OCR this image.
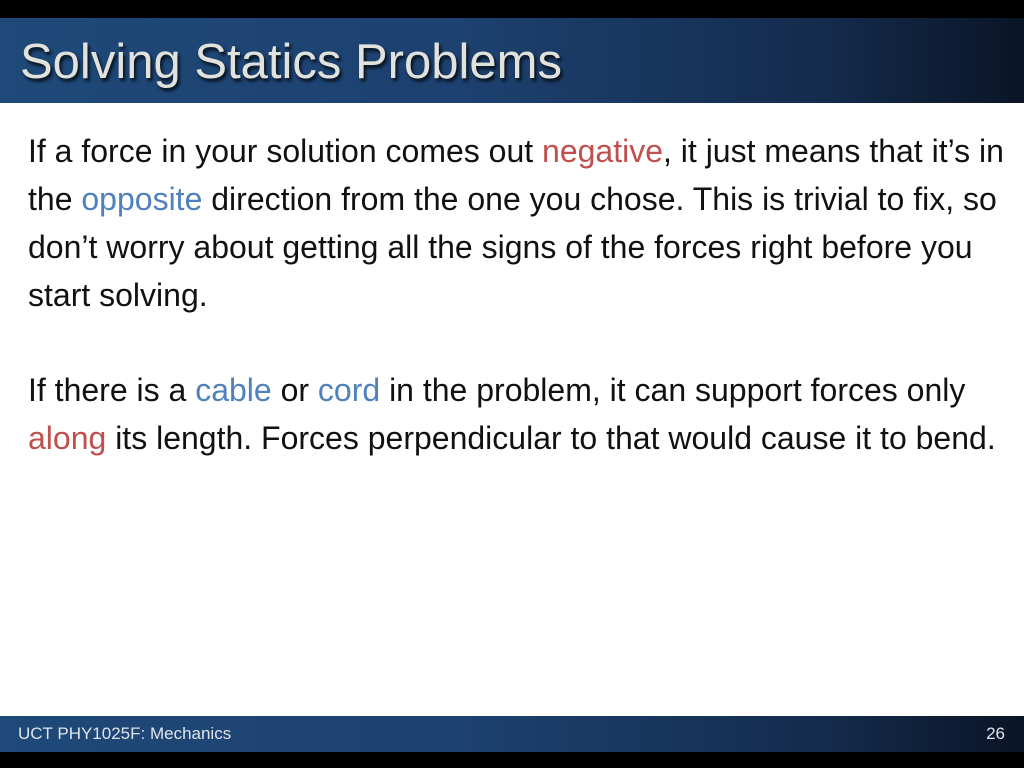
Solving Statics Problems

If a force in your solution comes out negative, it just means that it’s in the opposite direction from the one you chose. This is trivial to fix, so don’t worry about getting all the signs of the forces right before you start solving.

If there is a cable or cord in the problem, it can support forces only along its length. Forces perpendicular to that would cause it to bend.

UCT PHY1025F: Mechanics	26
